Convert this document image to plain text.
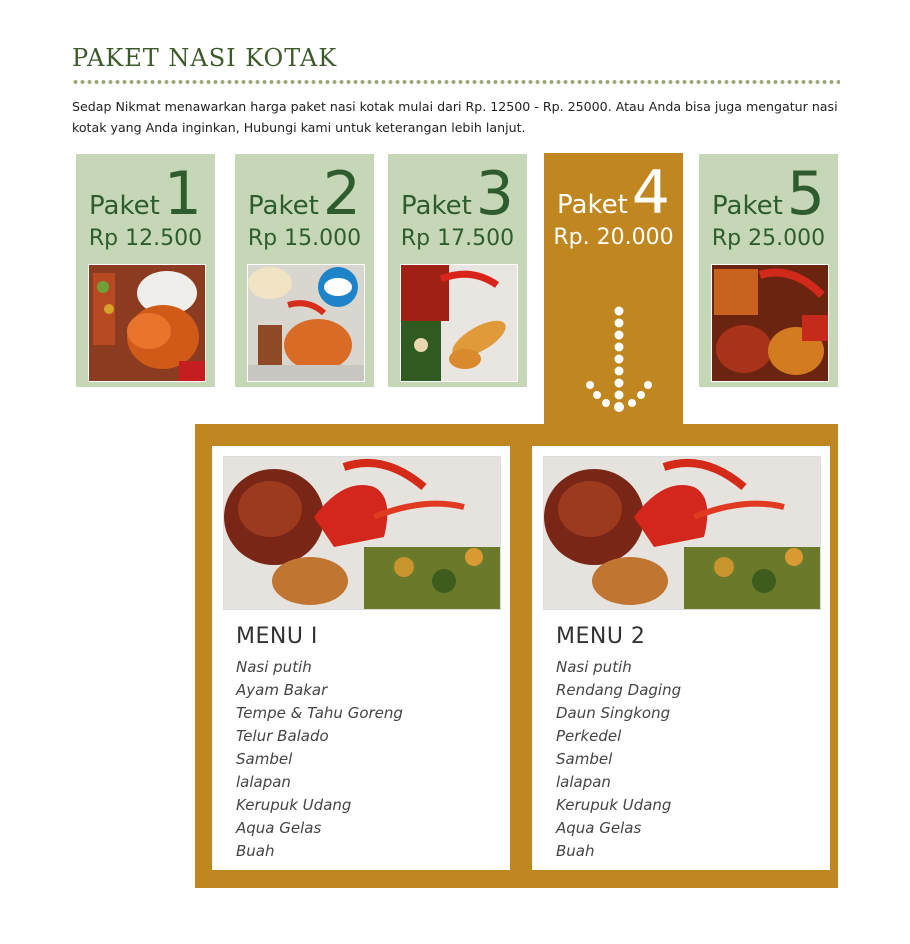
PAKET NASI KOTAK
Sedap Nikmat menawarkan harga paket nasi kotak mulai dari Rp. 12500 - Rp. 25000. Atau Anda bisa juga mengatur nasi kotak yang Anda inginkan, Hubungi kami untuk keterangan lebih lanjut.
Paket1
Rp 12.500
Paket2
Rp 15.000
Paket3
Rp 17.500
Paket4
Rp. 20.000
Paket5
Rp 25.000
MENU I
Nasi putih
Ayam Bakar
Tempe & Tahu Goreng
Telur Balado
Sambel
lalapan
Kerupuk Udang
Aqua Gelas
Buah
MENU 2
Nasi putih
Rendang Daging
Daun Singkong
Perkedel
Sambel
lalapan
Kerupuk Udang
Aqua Gelas
Buah
